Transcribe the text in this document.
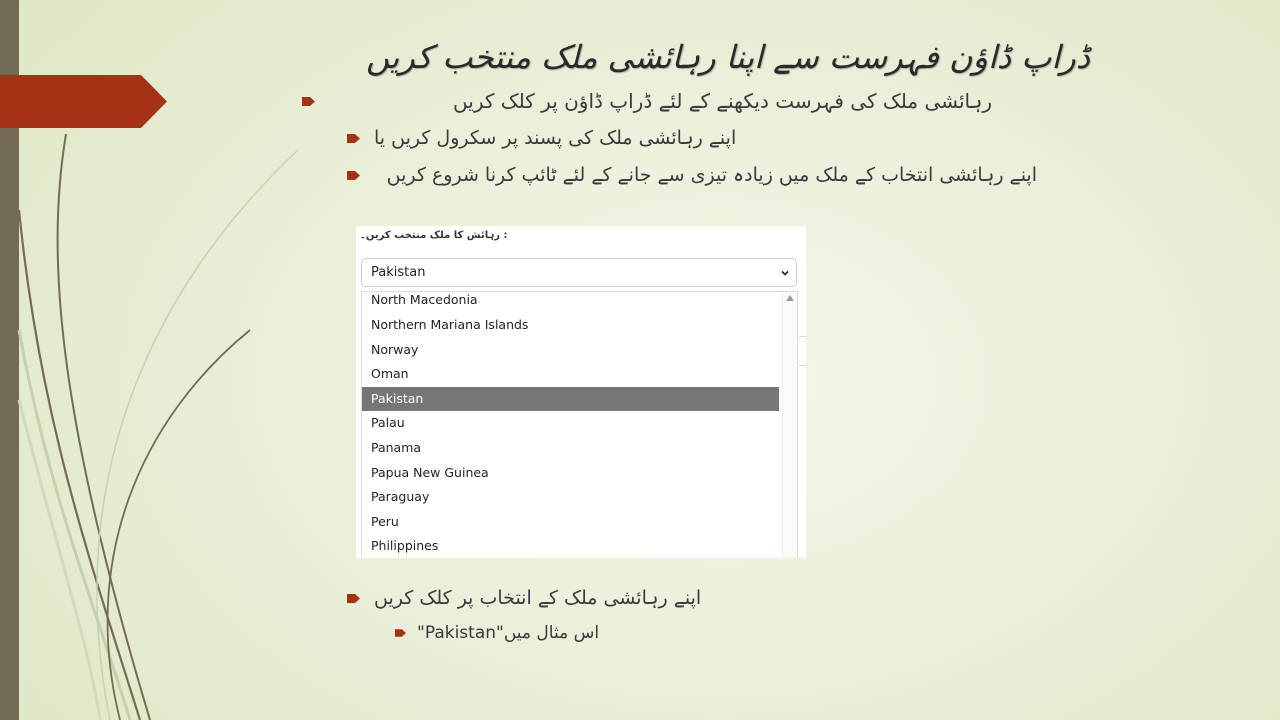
ڈراپ ڈاؤن فہرست سے اپنا رہائشی ملک منتخب کریں
رہائشی ملک کی فہرست دیکھنے کے لئے ڈراپ ڈاؤن پر کلک کریں
اپنے رہائشی ملک کی پسند پر سکرول کریں یا
اپنے رہائشی انتخاب کے ملک میں زیادہ تیزی سے جانے کے لئے ٹائپ کرنا شروع کریں
: رہائش کا ملک منتخب کریں۔
Pakistan
North Macedonia
Northern Mariana Islands
Norway
Oman
Pakistan
Palau
Panama
Papua New Guinea
Paraguay
Peru
Philippines
اپنے رہائشی ملک کے انتخاب پر کلک کریں
اس مثال میں"Pakistan"
